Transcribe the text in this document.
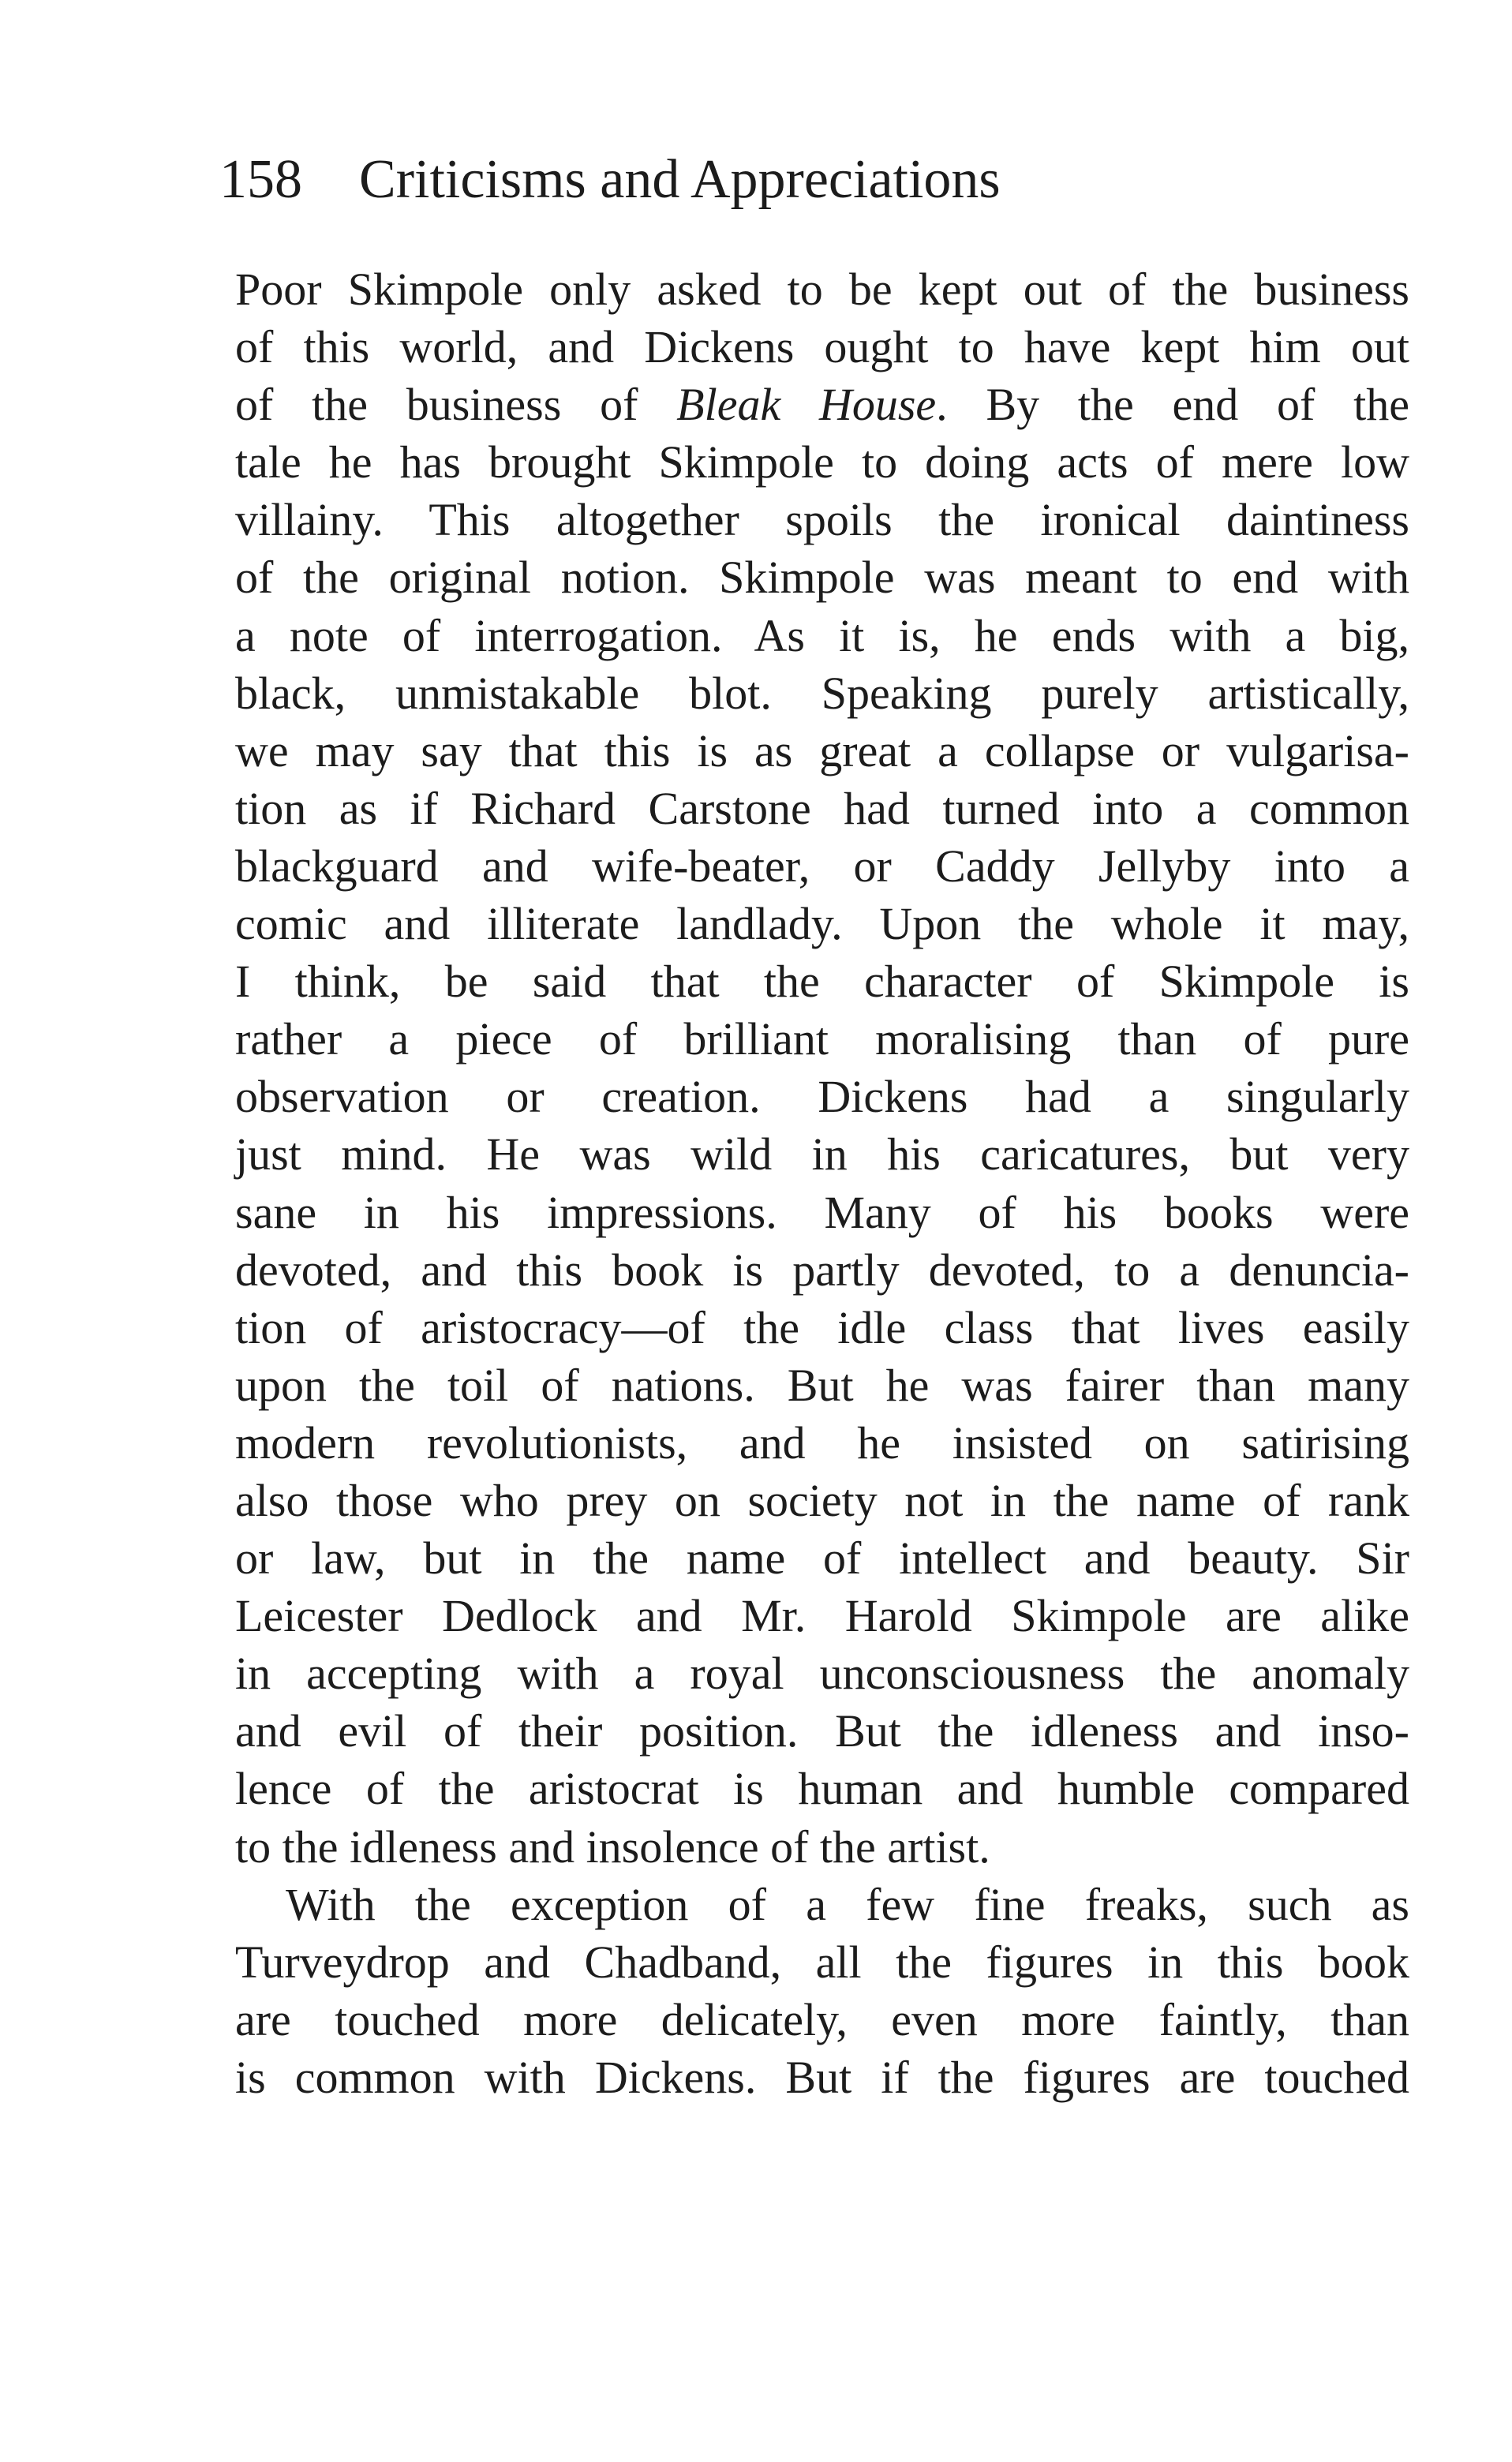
158 Criticisms and Appreciations
Poor Skimpole only asked to be kept out of the business
of this world, and Dickens ought to have kept him out
of the business of Bleak House. By the end of the
tale he has brought Skimpole to doing acts of mere low
villainy. This altogether spoils the ironical daintiness
of the original notion. Skimpole was meant to end with
a note of interrogation. As it is, he ends with a big,
black, unmistakable blot. Speaking purely artistically,
we may say that this is as great a collapse or vulgarisa-
tion as if Richard Carstone had turned into a common
blackguard and wife-beater, or Caddy Jellyby into a
comic and illiterate landlady. Upon the whole it may,
I think, be said that the character of Skimpole is
rather a piece of brilliant moralising than of pure
observation or creation. Dickens had a singularly
just mind. He was wild in his caricatures, but very
sane in his impressions. Many of his books were
devoted, and this book is partly devoted, to a denuncia-
tion of aristocracy—of the idle class that lives easily
upon the toil of nations. But he was fairer than many
modern revolutionists, and he insisted on satirising
also those who prey on society not in the name of rank
or law, but in the name of intellect and beauty. Sir
Leicester Dedlock and Mr. Harold Skimpole are alike
in accepting with a royal unconsciousness the anomaly
and evil of their position. But the idleness and inso-
lence of the aristocrat is human and humble compared
to the idleness and insolence of the artist.
With the exception of a few fine freaks, such as
Turveydrop and Chadband, all the figures in this book
are touched more delicately, even more faintly, than
is common with Dickens. But if the figures are touched
